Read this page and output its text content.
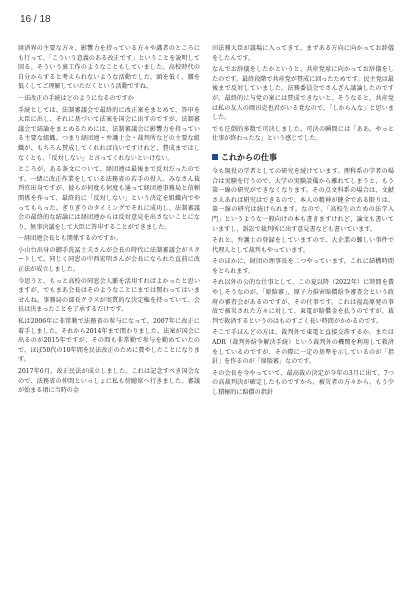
16 / 18

経済界の主要な方々、影響力を持っている方々や識者のところにも行って、「こういう意義のある改正です」ということを説明して回る。そういう裏工作のようなこともしていました。高校時代の自分からすると考えられないような活動でした。頭を低く、腰を低くしてご理解していただくという活動ですね。

－法改正の手続はどのようになるのですか

手続としては、法制審議会で最終的に改正案をまとめて、答申を大臣に出し、それに基づいて法案を国会に出すのですが、法制審議会で結論をまとめるためには、法制審議会に影響力を持っている主要な組織、つまり経団連・弁護士会・裁判所などの主要な組織が、もちろん賛成してくれれば良いですけれど、賛成まではしなくとも、「反対しない」と言ってくれないといけない。

ところが、ある条文について、経団連は最後まで反対だったのです。一緒に改正作業をしている法務省の若手の役人、みなさん裁判官出身ですが、彼らが何度も何度も通って経団連事務局と信頼関係を作って、最終的に「反対しない」という決定を組織内でやってもらった。ぎりぎりのタイミングでそれに成功し、法制審議会の最終的な結論には経団連からは反対意見を出さないことになり、無事決議をして大臣に答申することができました。

－経団連会長とも関係するのですか。

小山台出身の御手洗冨士夫さんが会長の時代に法制審議会がスタートして、同じく同窓の中西宏明さんが会長になられた直前に改正法が成立しました。

今思うと、もっと高校の同窓会人脈を活用すればよかったと思いますが、でもまあ会長はそのようなことにまでは関わってはいませんね。事務局の部長クラスが実質的な決定権を持っていて、会長は決まったことを了承するだけです。

私は2006年に非常勤で法務省の参与になって、2007年に改正に着手しました。それから2014年まで関わりました。法案が国会に出るのが2015年ですが、その間も非常勤で参与を勤めていたので、ほぼ50代の10年間を民法改正のために費やしたことになります。

2017年6月、改正民法が成立しました。これは記念すべき国会なので、法務省の仲間といっしょに私も傍聴席へ行きました。審議が始まる頃に当時の金

田法務大臣が議場に入ってきて、まずある方向に向かってお辞儀をしたんです。

なんでお辞儀をしたかというと、共産党席に向かってお辞儀をしたのです。最終段階で共産党が賛成に回ったためです。民主党は最後まで反対していました。法務委員会でさんざん議論したのですが、最終的に与党の案には賛成できないと。そうなると、共産党は私の友人の岡田克也君がいる党なので、「しからんな」と思いました。

でも圧倒的多数で可決しました。可決の瞬間には「ああ、やっと仕事が終わったな」という感じでした。

これからの仕事

今も現役の学者としての研究を続けています。理科系の学者の場合は実験を行うので、大学の実験設備から離れてしまうと、もう第一線の研究ができなくなります。その点文科系の場合は、文献さえあれば研究はできるので、本人の精神が健全である限りは、第一線の研究は続けられます。なので、「高校生のための法学入門」というような一般向けの本も書きますけれど、論文も書いていますし、訴訟で裁判所に出す意見書なども書いています。

それと、弁護士の登録をしていますので、大企業の難しい事件で代理人として裁判もやっています。

そのほかに、財団の理事長を二つやっています。これに結構時間をとられます。

それ以外の公的な仕事として、この夏以降（2022年）に時間を費やしそうなのが、「原賠審」、原子力損害賠償紛争審査会という政府の審査会があるのですが、その仕事です。これは福島原発の事故で被災された方々に対して、東電が賠償金を払うのですが、裁判で救済するというのはものすごく長い時間がかかるのです。

そこで手ほんどの方は、裁判外で東電と直接交渉するか、またはADR（裁判外紛争解決手続）という裁判外の機関を利用して救済をしているのですが、その際に一定の基準を示しているのが「指針」を作るのが「原賠審」なのです。

その会長を今やっていて、最高裁の決定が今年の3月に出て、7つの高裁判決が確定したものですから、被災者の方々から、もう少し積極的に賠償の指針
